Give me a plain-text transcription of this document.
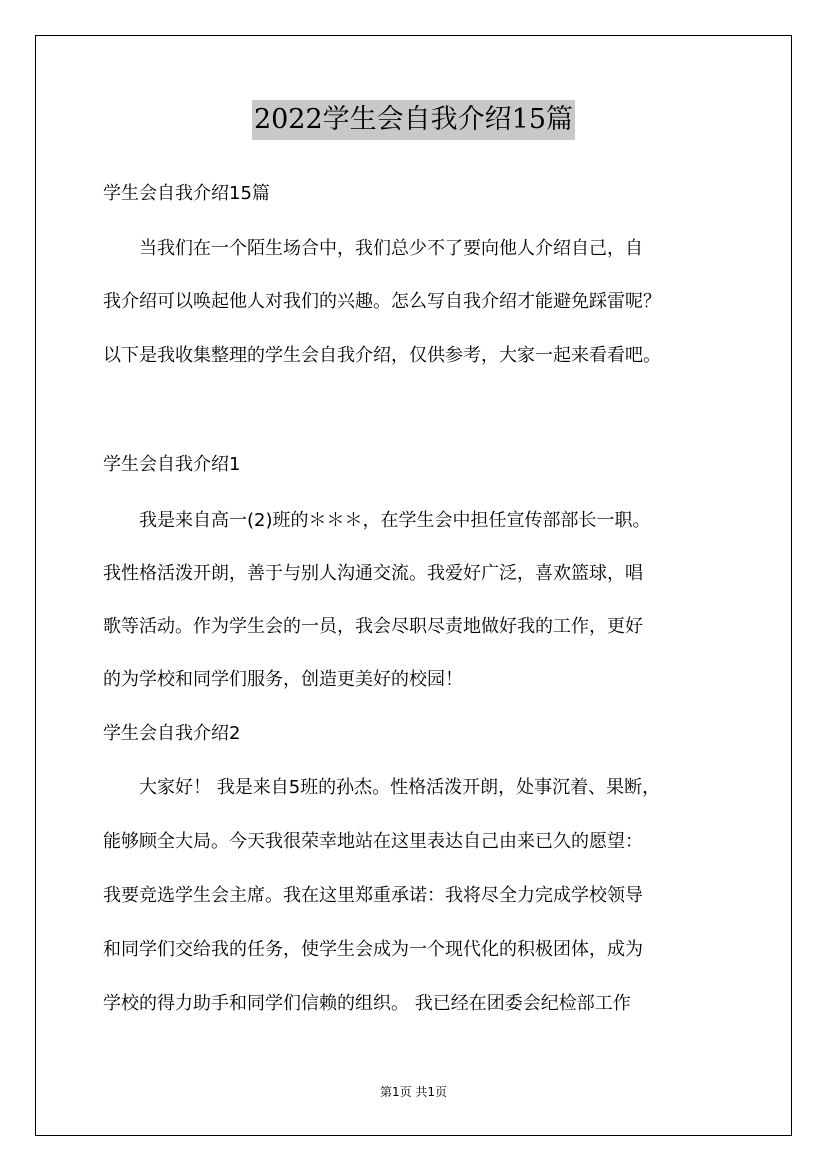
2022学生会自我介绍15篇
学生会自我介绍15篇
　　当我们在一个陌生场合中，我们总少不了要向他人介绍自己，自
我介绍可以唤起他人对我们的兴趣。怎么写自我介绍才能避免踩雷呢？
以下是我收集整理的学生会自我介绍，仅供参考，大家一起来看看吧。
学生会自我介绍1
　　我是来自高一(2)班的＊＊＊，在学生会中担任宣传部部长一职。
我性格活泼开朗，善于与别人沟通交流。我爱好广泛，喜欢篮球，唱
歌等活动。作为学生会的一员，我会尽职尽责地做好我的工作，更好
的为学校和同学们服务，创造更美好的校园！
学生会自我介绍2
　　大家好！ 我是来自5班的孙杰。性格活泼开朗，处事沉着、果断，
能够顾全大局。今天我很荣幸地站在这里表达自己由来已久的愿望：
我要竞选学生会主席。我在这里郑重承诺：我将尽全力完成学校领导
和同学们交给我的任务，使学生会成为一个现代化的积极团体，成为
学校的得力助手和同学们信赖的组织。 我已经在团委会纪检部工作
第1页 共1页
